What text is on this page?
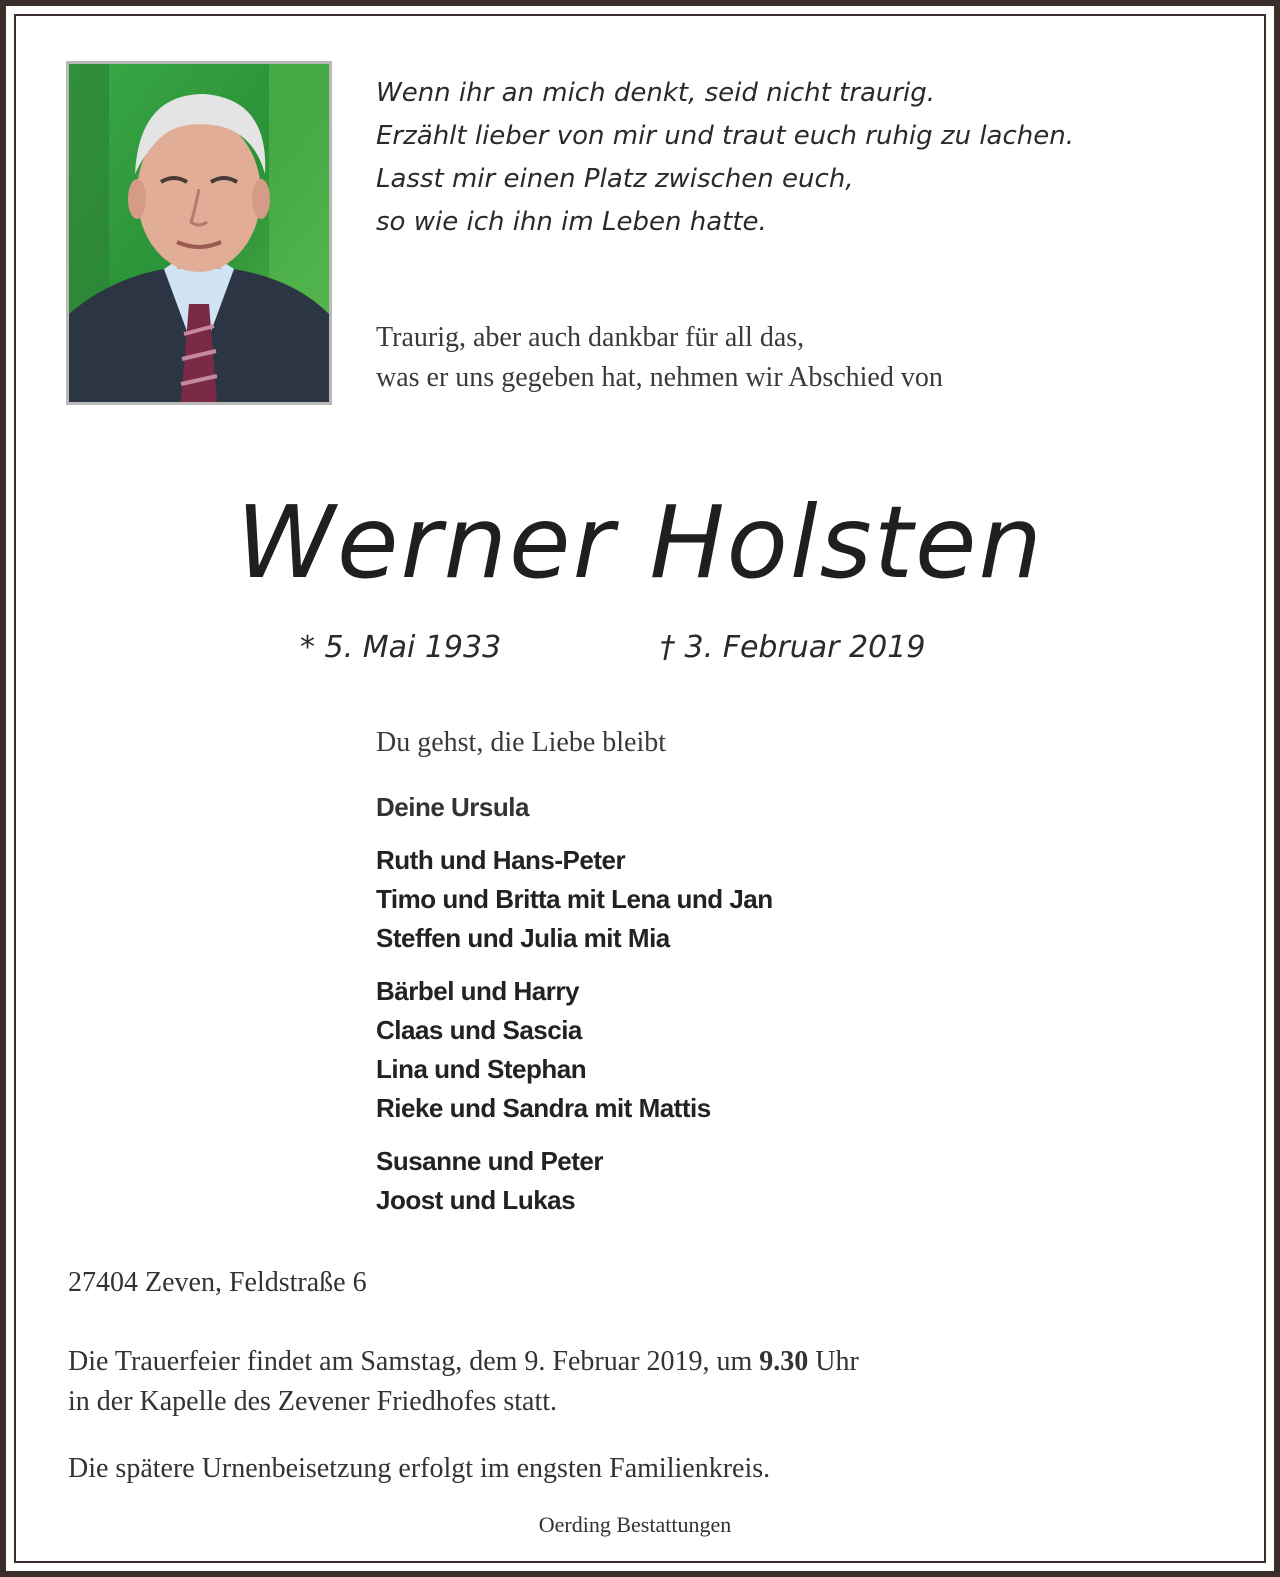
Wenn ihr an mich denkt, seid nicht traurig.
Erzählt lieber von mir und traut euch ruhig zu lachen.
Lasst mir einen Platz zwischen euch,
so wie ich ihn im Leben hatte.
Traurig, aber auch dankbar für all das,
was er uns gegeben hat, nehmen wir Abschied von
Werner Holsten
* 5. Mai 1933	† 3. Februar 2019
Du gehst, die Liebe bleibt
Deine Ursula
Ruth und Hans-Peter
Timo und Britta mit Lena und Jan
Steffen und Julia mit Mia
Bärbel und Harry
Claas und Sascia
Lina und Stephan
Rieke und Sandra mit Mattis
Susanne und Peter
Joost und Lukas
27404 Zeven, Feldstraße 6
Die Trauerfeier findet am Samstag, dem 9. Februar 2019, um 9.30 Uhr
in der Kapelle des Zevener Friedhofes statt.
Die spätere Urnenbeisetzung erfolgt im engsten Familienkreis.
Oerding Bestattungen
